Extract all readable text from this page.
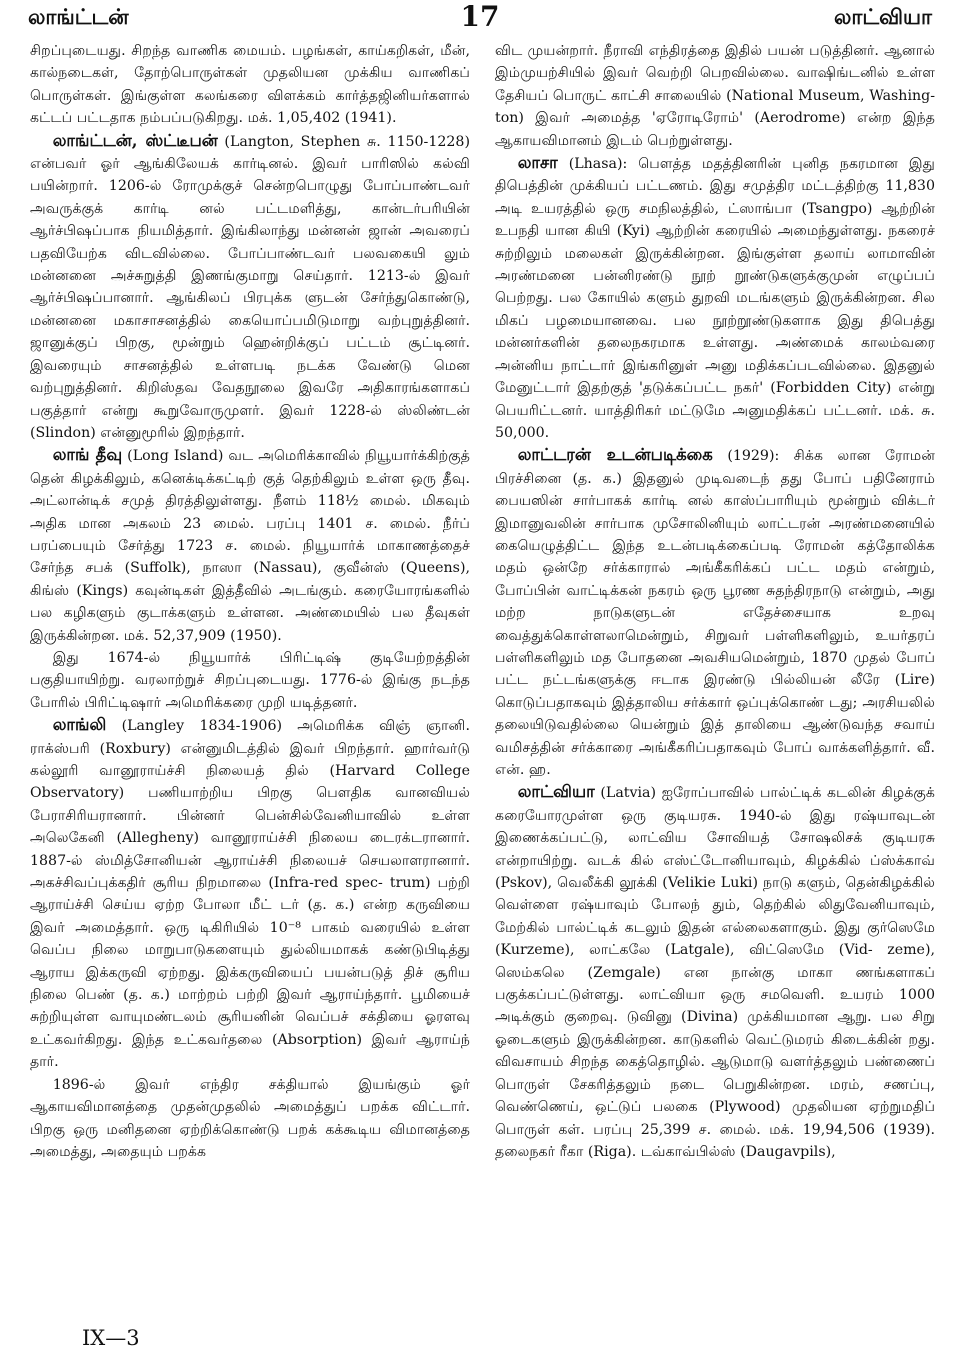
லாங்ட்டன்	17	லாட்வியா

சிறப்புடையது. சிறந்த வாணிக மையம். பழங்கள், காய்கறிகள், மீன், கால்நடைகள், தோற்பொருள்கள் முதலியன முக்கிய வாணிகப் பொருள்கள். இங்குள்ள கலங்கரை விளக்கம் கார்த்தஜினியர்களால் கட்டப் பட்டதாக நம்பப்படுகிறது. மக். 1,05,402 (1941).

லாங்ட்டன், ஸ்ட்டீபன் (Langton, Stephen சு. 1150-1228) என்பவர் ஓர் ஆங்கிலேயக் கார்டினல். இவர் பாரிஸில் கல்வி பயின்றார். 1206-ல் ரோமுக்குச் சென்றபொழுது போப்பாண்டவர் அவருக்குக் கார்டி னல் பட்டமளித்து, கான்டர்பரியின் ஆர்ச்பிஷப்பாக நியமித்தார். இங்கிலாந்து மன்னன் ஜான் அவரைப் பதவியேற்க விடவில்லை. போப்பாண்டவர் பலவகையி லும் மன்னனை அச்சுறுத்தி இணங்குமாறு செய்தார். 1213-ல் இவர் ஆர்ச்பிஷப்பானார். ஆங்கிலப் பிரபுக்க ளுடன் சேர்ந்துகொண்டு, மன்னனை மகாசாசனத்தில் கையொப்பமிடுமாறு வற்புறுத்தினர். ஜானுக்குப் பிறகு, மூன்றும் ஹென்றிக்குப் பட்டம் சூட்டினர். இவரையும் சாசனத்தில் உள்ளபடி நடக்க வேண்டு மென வற்புறுத்தினர். கிறிஸ்தவ வேதநூலை இவரே அதிகாரங்களாகப் பகுத்தார் என்று கூறுவோருமுளர். இவர் 1228-ல் ஸ்லிண்டன் (Slindon) என்னுமூரில் இறந்தார்.

லாங் தீவு (Long Island) வட அமெரிக்காவில் நியூயார்க்கிற்குத் தென் கிழக்கிலும், கனெக்டிக்கட்டிற் குத் தெற்கிலும் உள்ள ஒரு தீவு. அட்லான்டிக் சமுத் திரத்திலுள்ளது. நீளம் 118½ மைல். மிகவும் அதிக மான அகலம் 23 மைல். பரப்பு 1401 ச. மைல். நீர்ப் பரப்பையும் சேர்த்து 1723 ச. மைல். நியூயார்க் மாகாணத்தைச் சேர்ந்த சபக் (Suffolk), நாஸா (Nassau), குவீன்ஸ் (Queens), கிங்ஸ் (Kings) கவுன்டிகள் இத்தீவில் அடங்கும். கரையோரங்களில் பல கழிகளும் குடாக்களும் உள்ளன. அண்மையில் பல தீவுகள் இருக்கின்றன. மக். 52,37,909 (1950).

இது 1674-ல் நியூயார்க் பிரிட்டிஷ் குடியேற்றத்தின் பகுதியாயிற்று. வரலாற்றுச் சிறப்புடையது. 1776-ல் இங்கு நடந்த போரில் பிரிட்டிஷார் அமெரிக்கரை முறி யடித்தனர்.

லாங்லி (Langley 1834-1906) அமெரிக்க விஞ் ஞானி. ராக்ஸ்பரி (Roxbury) என்னுமிடத்தில் இவர் பிறந்தார். ஹார்வர்டு கல்லூரி வானூராய்ச்சி நிலையத் தில் (Harvard College Observatory) பணியாற்றிய பிறகு பௌதிக வானவியல் பேராசிரியரானார். பின்னர் பென்சில்வேனியாவில் உள்ள அலெகேனி (Allegheny) வானூராய்ச்சி நிலைய டைரக்டரானார். 1887-ல் ஸ்மித்சோனியன் ஆராய்ச்சி நிலையச் செயலாளரானார். அகச்சிவப்புக்கதிர் சூரிய நிறமாலை (Infra-red spec- trum) பற்றி ஆராய்ச்சி செய்ய ஏற்ற போலா மீட் டர் (த. க.) என்ற கருவியை இவர் அமைத்தார். ஒரு டிகிரியில் 10⁻⁸ பாகம் வரையில் உள்ள வெப்ப நிலை மாறுபாடுகளையும் துல்லியமாகக் கண்டுபிடித்து ஆராய இக்கருவி ஏற்றது. இக்கருவியைப் பயன்படுத் திச் சூரிய நிலை பெண் (த. க.) மாற்றம் பற்றி இவர் ஆராய்ந்தார். பூமியைச் சுற்றியுள்ள வாயுமண்டலம் சூரியனின் வெப்பச் சக்தியை ஓரளவு உட்கவர்கிறது. இந்த உட்கவர்தலை (Absorption) இவர் ஆராய்ந் தார்.

1896-ல் இவர் எந்திர சக்தியால் இயங்கும் ஓர் ஆகாயவிமானத்தை முதன்முதலில் அமைத்துப் பறக்க விட்டார். பிறகு ஒரு மனிதனை ஏற்றிக்கொண்டு பறக் கக்கூடிய விமானத்தை அமைத்து, அதையும் பறக்க

விட முயன்றார். நீராவி எந்திரத்தை இதில் பயன் படுத்தினர். ஆனால் இம்முயற்சியில் இவர் வெற்றி பெறவில்லை. வாஷிங்டனில் உள்ள தேசியப் பொருட் காட்சி சாலையில் (National Museum, Washing- ton) இவர் அமைத்த 'ஏரோடிரோம்' (Aerodrome) என்ற இந்த ஆகாயவிமானம் இடம் பெற்றுள்ளது.

லாசா (Lhasa): பௌத்த மதத்தினரின் புனித நகரமான இது திபெத்தின் முக்கியப் பட்டணம். இது சமுத்திர மட்டத்திற்கு 11,830 அடி உயரத்தில் ஒரு சமநிலத்தில், ட்ஸாங்பா (Tsangpo) ஆற்றின் உபநதி யான கியி (Kyi) ஆற்றின் கரையில் அமைந்துள்ளது. நகரைச் சுற்றிலும் மலைகள் இருக்கின்றன. இங்குள்ள தலாய் லாமாவின் அரண்மனை பன்னிரண்டு நூற் றூண்டுகளுக்குமுன் எழுப்பப் பெற்றது. பல கோயில் களும் துறவி மடங்களும் இருக்கின்றன. சில மிகப் பழமையானவை. பல நூற்றூண்டுகளாக இது திபெத்து மன்னர்களின் தலைநகரமாக உள்ளது. அண்மைக் காலம்வரை அன்னிய நாட்டார் இங்கரினுள் அனு மதிக்கப்படவில்லை. இதனுல் மேனுட்டார் இதற்குத் 'தடுக்கப்பட்ட நகர்' (Forbidden City) என்று பெயரிட்டனர். யாத்திரிகர் மட்டுமே அனுமதிக்கப் பட்டனர். மக். சு. 50,000.

லாட்டரன் உடன்படிக்கை (1929): சிக்க லான ரோமன் பிரச்சினை (த. க.) இதனுல் முடிவடைந் தது போப் பதினேராம் பையஸின் சார்பாகக் கார்டி னல் காஸ்ப்பாரியும் மூன்றும் விக்டர் இமானுவலின் சார்பாக முசோலினியும் லாட்டரன் அரண்மனையில் கையெழுத்திட்ட இந்த உடன்படிக்கைப்படி ரோமன் கத்தோலிக்க மதம் ஒன்றே சர்க்காரால் அங்கீகரிக்கப் பட்ட மதம் என்றும், போப்பின் வாட்டிக்கன் நகரம் ஒரு பூரண சுதந்திரநாடு என்றும், அது மற்ற நாடுகளுடன் எதேச்சையாக உறவு வைத்துக்கொள்ளலாமென்றும், சிறுவர் பள்ளிகளிலும், உயர்தரப் பள்ளிகளிலும் மத போதனை அவசியமென்றும், 1870 முதல் போப் பட்ட நட்டங்களுக்கு ஈடாக இரண்டு பில்லியன் லீரே (Lire) கொடுப்பதாகவும் இத்தாலிய சர்க்கார் ஒப்புக்கொண் டது; அரசியலில் தலையிடுவதில்லை யென்றும் இத் தாலியை ஆண்டுவந்த சவாய் வமிசத்தின் சர்க்காரை அங்கீகரிப்பதாகவும் போப் வாக்களித்தார். வீ. என். ஹ.

லாட்வியா (Latvia) ஐரோப்பாவில் பால்ட்டிக் கடலின் கிழக்குக் கரையோரமுள்ள ஒரு குடியரசு. 1940-ல் இது ரஷ்யாவுடன் இணைக்கப்பட்டு, லாட்விய சோவியத் சோஷலிசக் குடியரசு என்றாயிற்று. வடக் கில் எஸ்ட்டோனியாவும், கிழக்கில் ப்ஸ்க்காவ் (Pskov), வெலீக்கி லூக்கி (Velikie Luki) நாடு களும், தென்கிழக்கில் வெள்ளை ரஷ்யாவும் போலந் தும், தெற்கில் லிதுவேனியாவும், மேற்கில் பால்ட்டிக் கடலும் இதன் எல்லைகளாகும். இது குர்ஸெமே (Kurzeme), லாட்கலே (Latgale), விட்ஸெமே (Vid- zeme), ஸெம்கலெ (Zemgale) என நான்கு மாகா ணங்களாகப் பகுக்கப்பட்டுள்ளது. லாட்வியா ஒரு சமவெளி. உயரம் 1000 அடிக்கும் குறைவு. டுவினு (Divina) முக்கியமான ஆறு. பல சிறு ஓடைகளும் இருக்கின்றன. காடுகளில் வெட்டுமரம் கிடைக்கின் றது. விவசாயம் சிறந்த கைத்தொழில். ஆடுமாடு வளர்த்தலும் பண்ணைப் பொருள் சேகரித்தலும் நடை பெறுகின்றன. மரம், சணப்பு, வெண்ணெய், ஒட்டுப் பலகை (Plywood) முதலியன ஏற்றுமதிப் பொருள் கள். பரப்பு 25,399 ச. மைல். மக். 19,94,506 (1939). தலைநகர் ரீகா (Riga). டவ்காவ்பில்ஸ் (Daugavpils),

IX—3
